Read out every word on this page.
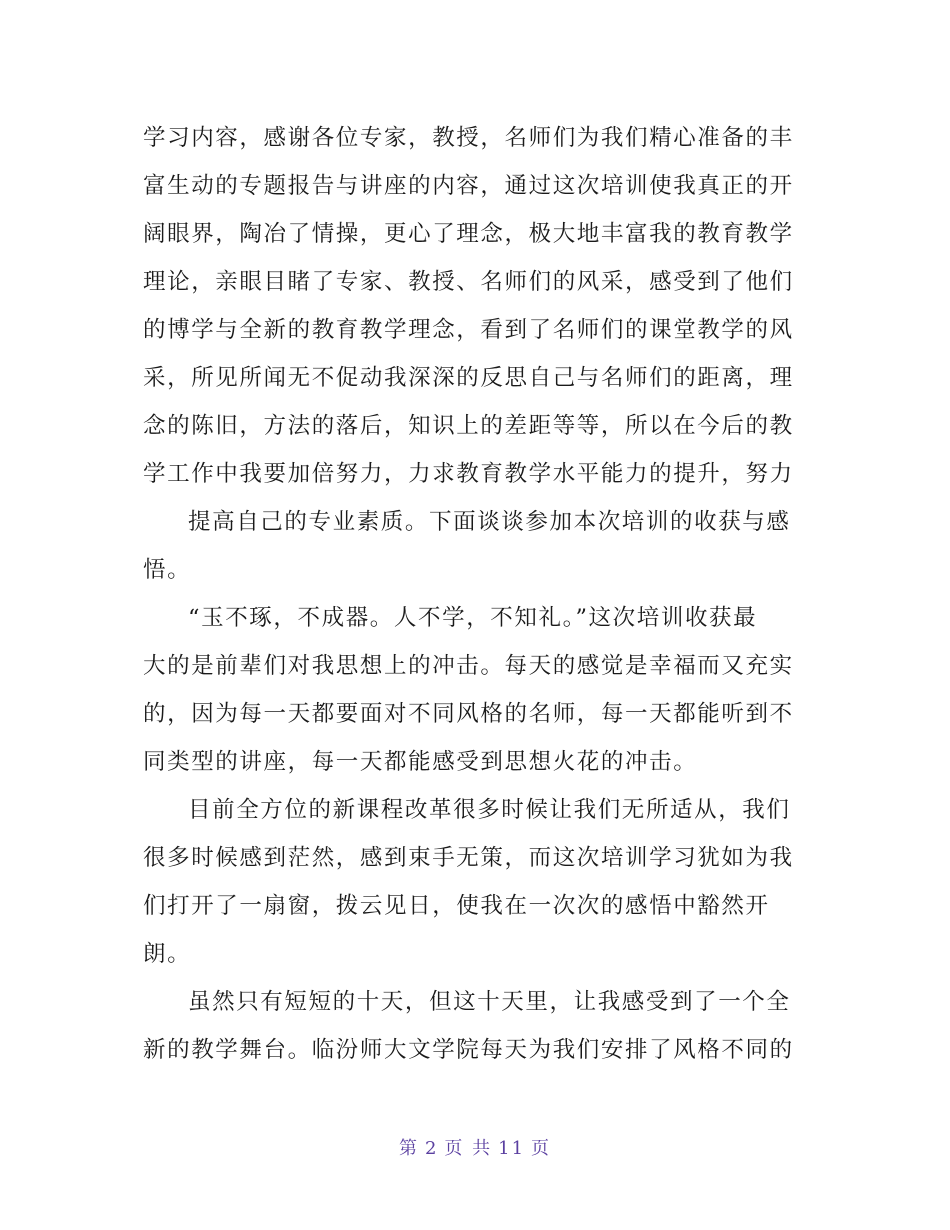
学习内容，感谢各位专家，教授，名师们为我们精心准备的丰
富生动的专题报告与讲座的内容，通过这次培训使我真正的开
阔眼界，陶冶了情操，更心了理念，极大地丰富我的教育教学
理论，亲眼目睹了专家、教授、名师们的风采，感受到了他们
的博学与全新的教育教学理念，看到了名师们的课堂教学的风
采，所见所闻无不促动我深深的反思自己与名师们的距离，理
念的陈旧，方法的落后，知识上的差距等等，所以在今后的教
学工作中我要加倍努力，力求教育教学水平能力的提升，努力
提高自己的专业素质。下面谈谈参加本次培训的收获与感
悟。
“玉不琢，不成器。人不学，不知礼。”这次培训收获最
大的是前辈们对我思想上的冲击。每天的感觉是幸福而又充实
的，因为每一天都要面对不同风格的名师，每一天都能听到不
同类型的讲座，每一天都能感受到思想火花的冲击。
目前全方位的新课程改革很多时候让我们无所适从，我们
很多时候感到茫然，感到束手无策，而这次培训学习犹如为我
们打开了一扇窗，拨云见日，使我在一次次的感悟中豁然开
朗。
虽然只有短短的十天，但这十天里，让我感受到了一个全
新的教学舞台。临汾师大文学院每天为我们安排了风格不同的
第 2 页 共 11 页
